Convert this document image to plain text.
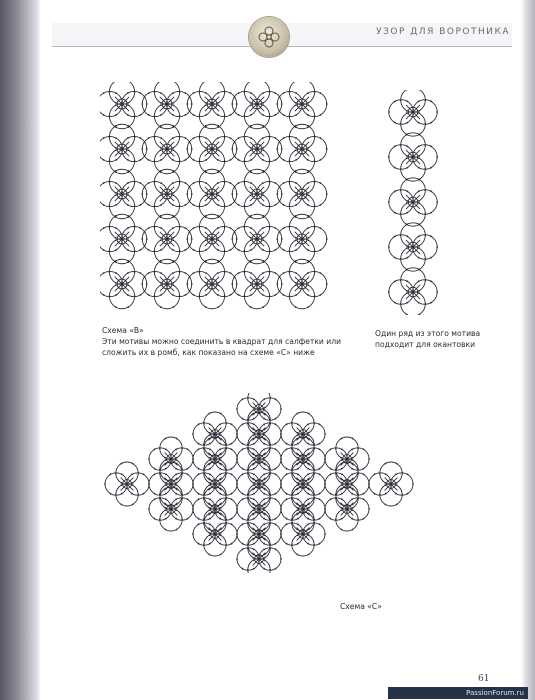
УЗОР ДЛЯ ВОРОТНИКА
Схема «В»
Эти мотивы можно соединить в квадрат для салфетки или сложить их в ромб, как показано на схеме «С» ниже
Один ряд из этого мотива подходит для окантовки
Схема «С»
61
PassionForum.ru
